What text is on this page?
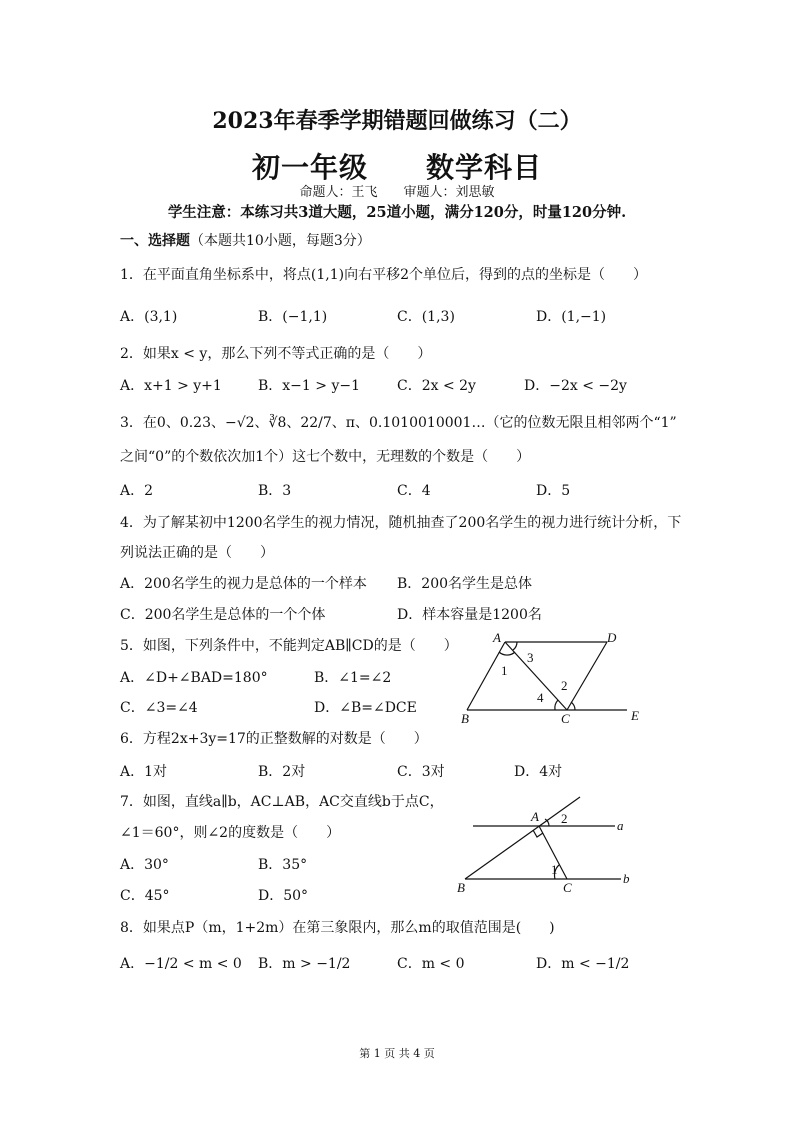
2023年春季学期错题回做练习（二）
初一年级　　数学科目
命题人：王飞　　审题人：刘思敏
学生注意：本练习共3道大题，25道小题，满分120分，时量120分钟.
一、选择题（本题共10小题，每题3分）
1．在平面直角坐标系中，将点(1,1)向右平移2个单位后，得到的点的坐标是（　　）
A．(3,1)	B．(−1,1)	C．(1,3)	D．(1,−1)
2．如果x < y，那么下列不等式正确的是（　　）
A．x+1 > y+1	B．x−1 > y−1	C．2x < 2y	D．−2x < −2y
3．在0、0.23、−√2、∛8、22/7、π、0.1010010001…（它的位数无限且相邻两个“1”
之间“0”的个数依次加1个）这七个数中，无理数的个数是（　　）
A．2	B．3	C．4	D．5
4．为了解某初中1200名学生的视力情况，随机抽查了200名学生的视力进行统计分析，下
列说法正确的是（　　）
A．200名学生的视力是总体的一个样本 B．200名学生是总体
C．200名学生是总体的一个个体	D．样本容量是1200名
5．如图，下列条件中，不能判定AB∥CD的是（　　）
A．∠D+∠BAD=180°	B．∠1=∠2
C．∠3=∠4	D．∠B=∠DCE
A	D
3
1
4
2
B	C	E
6．方程2x+3y=17的正整数解的对数是（　　）
A．1对	B．2对	C．3对	D．4对
7．如图，直线a∥b，AC⊥AB，AC交直线b于点C，
∠1＝60°，则∠2的度数是（　　）
A．30°	B．35°
C．45°	D．50°
A 2	a
1
B	C
b
8．如果点P（m，1+2m）在第三象限内，那么m的取值范围是(　　)
A．−1/2 < m < 0 B．m > −1/2	C．m < 0	D．m < −1/2
第 1 页 共 4 页
